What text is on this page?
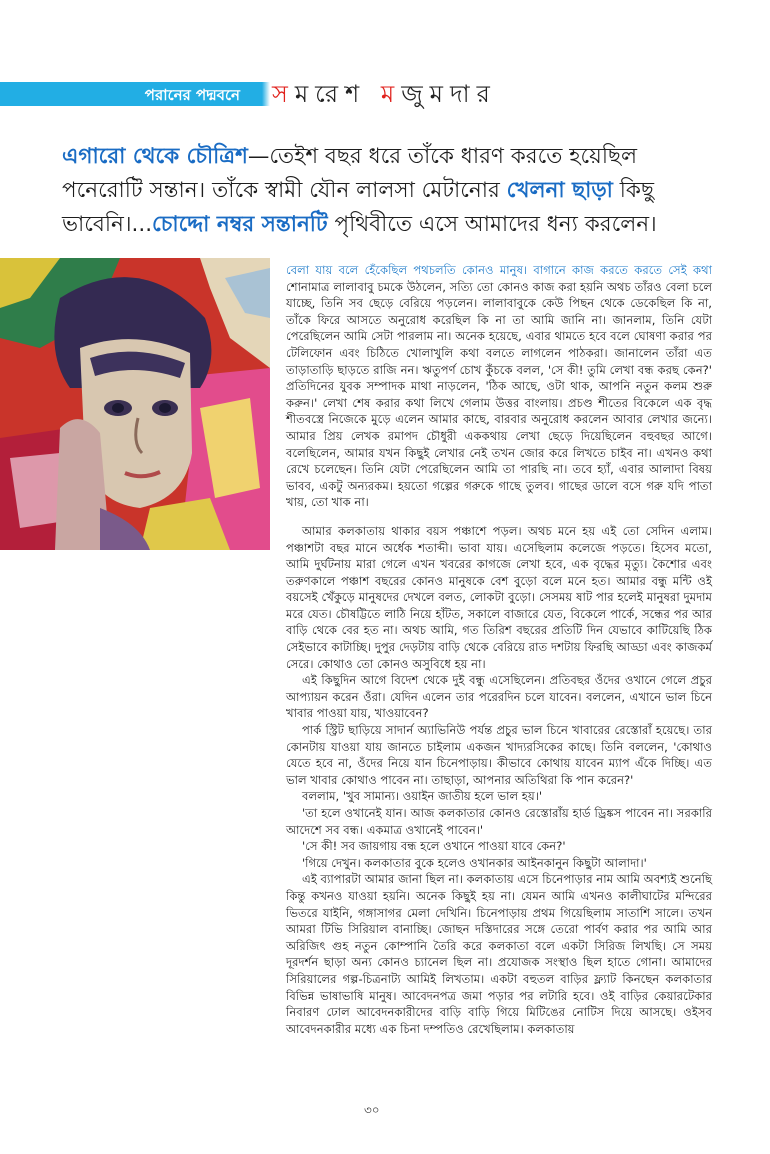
পরানের পদ্মবনে সমরেশ মজুমদার
এগারো থেকে চৌত্রিশ—তেইশ বছর ধরে তাঁকে ধারণ করতে হয়েছিল পনেরোটি সন্তান। তাঁকে স্বামী যৌন লালসা মেটানোর খেলনা ছাড়া কিছু ভাবেনি।...চোদ্দো নম্বর সন্তানটি পৃথিবীতে এসে আমাদের ধন্য করলেন।

বেলা যায় বলে হেঁকেছিল পথচলতি কোনও মানুষ। বাগানে কাজ করতে করতে সেই কথা শোনামাত্র লালাবাবু চমকে উঠলেন, সত্যি তো কোনও কাজ করা হয়নি অথচ তাঁরও বেলা চলে যাচ্ছে, তিনি সব ছেড়ে বেরিয়ে পড়লেন। লালাবাবুকে কেউ পিছন থেকে ডেকেছিল কি না, তাঁকে ফিরে আসতে অনুরোধ করেছিল কি না তা আমি জানি না। জানলাম, তিনি যেটা পেরেছিলেন আমি সেটা পারলাম না। অনেক হয়েছে, এবার থামতে হবে বলে ঘোষণা করার পর টেলিফোন এবং চিঠিতে খোলাখুলি কথা বলতে লাগলেন পাঠকরা। জানালেন তাঁরা এত তাড়াতাড়ি ছাড়তে রাজি নন। ঋতুপর্ণ চোখ কুঁচকে বলল, 'সে কী! তুমি লেখা বন্ধ করছ কেন?' প্রতিদিনের যুবক সম্পাদক মাথা নাড়লেন, 'ঠিক আছে, ওটা থাক, আপনি নতুন কলম শুরু করুন।' লেখা শেষ করার কথা লিখে গেলাম উত্তর বাংলায়। প্রচণ্ড শীতের বিকেলে এক বৃদ্ধ শীতবস্ত্রে নিজেকে মুড়ে এলেন আমার কাছে, বারবার অনুরোধ করলেন আবার লেখার জন্যে। আমার প্রিয় লেখক রমাপদ চৌধুরী এককথায় লেখা ছেড়ে দিয়েছিলেন বহুবছর আগে। বলেছিলেন, আমার যখন কিছুই লেখার নেই তখন জোর করে লিখতে চাইব না। এখনও কথা রেখে চলেছেন। তিনি যেটা পেরেছিলেন আমি তা পারছি না। তবে হ্যাঁ, এবার আলাদা বিষয় ভাবব, একটু অন্যরকম। হয়তো গল্পের গরুকে গাছে তুলব। গাছের ডালে বসে গরু যদি পাতা খায়, তো খাক না।

আমার কলকাতায় থাকার বয়স পঞ্চাশে পড়ল। অথচ মনে হয় এই তো সেদিন এলাম। পঞ্চাশটা বছর মানে অর্ধেক শতাব্দী। ভাবা যায়। এসেছিলাম কলেজে পড়তে। হিসেব মতো, আমি দুর্ঘটনায় মারা গেলে এখন খবরের কাগজে লেখা হবে, এক বৃদ্ধের মৃত্যু। কৈশোর এবং তরুণকালে পঞ্চাশ বছরের কোনও মানুষকে বেশ বুড়ো বলে মনে হত। আমার বন্ধু মন্টি ওই বয়সেই খেঁকুড়ে মানুষদের দেখলে বলত, লোকটা বুড়ো। সেসময় ষাট পার হলেই মানুষরা দুমদাম মরে যেত। চৌষট্টিতে লাঠি নিয়ে হাঁটত, সকালে বাজারে যেত, বিকেলে পার্কে, সন্ধের পর আর বাড়ি থেকে বের হত না। অথচ আমি, গত তিরিশ বছরের প্রতিটি দিন যেভাবে কাটিয়েছি ঠিক সেইভাবে কাটাচ্ছি। দুপুর দেড়টায় বাড়ি থেকে বেরিয়ে রাত দশটায় ফিরছি আড্ডা এবং কাজকর্ম সেরে। কোথাও তো কোনও অসুবিধে হয় না।

এই কিছুদিন আগে বিদেশ থেকে দুই বন্ধু এসেছিলেন। প্রতিবছর ওঁদের ওখানে গেলে প্রচুর আপ্যায়ন করেন ওঁরা। যেদিন এলেন তার পরেরদিন চলে যাবেন। বললেন, এখানে ভাল চিনে খাবার পাওয়া যায়, খাওয়াবেন?

পার্ক স্ট্রিট ছাড়িয়ে সাদার্ন অ্যাভিনিউ পর্যন্ত প্রচুর ভাল চিনে খাবারের রেস্তোরাঁ হয়েছে। তার কোনটায় যাওয়া যায় জানতে চাইলাম একজন খাদ্যরসিকের কাছে। তিনি বললেন, 'কোথাও যেতে হবে না, ওঁদের নিয়ে যান চিনেপাড়ায়। কীভাবে কোথায় যাবেন ম্যাপ এঁকে দিচ্ছি। এত ভাল খাবার কোথাও পাবেন না। তাছাড়া, আপনার অতিথিরা কি পান করেন?'

বললাম, 'খুব সামান্য। ওয়াইন জাতীয় হলে ভাল হয়।'

'তা হলে ওখানেই যান। আজ কলকাতার কোনও রেস্তোরাঁয় হার্ড ড্রিঙ্কস পাবেন না। সরকারি আদেশে সব বন্ধ। একমাত্র ওখানেই পাবেন।'

'সে কী! সব জায়গায় বন্ধ হলে ওখানে পাওয়া যাবে কেন?'

'গিয়ে দেখুন। কলকাতার বুকে হলেও ওখানকার আইনকানুন কিছুটা আলাদা।'

এই ব্যাপারটা আমার জানা ছিল না। কলকাতায় এসে চিনেপাড়ার নাম আমি অবশ্যই শুনেছি কিন্তু কখনও যাওয়া হয়নি। অনেক কিছুই হয় না। যেমন আমি এখনও কালীঘাটের মন্দিরের ভিতরে যাইনি, গঙ্গাসাগর মেলা দেখিনি। চিনেপাড়ায় প্রথম গিয়েছিলাম সাতাশি সালে। তখন আমরা টিভি সিরিয়াল বানাচ্ছি। জোছন দস্তিদারের সঙ্গে তেরো পার্বণ করার পর আমি আর অরিজিৎ গুহ নতুন কোম্পানি তৈরি করে কলকাতা বলে একটা সিরিজ লিখছি। সে সময় দূরদর্শন ছাড়া অন্য কোনও চ্যানেল ছিল না। প্রযোজক সংস্থাও ছিল হাতে গোনা। আমাদের সিরিয়ালের গল্প-চিত্রনাট্য আমিই লিখতাম। একটা বহুতল বাড়ির ফ্ল্যাট কিনছেন কলকাতার বিভিন্ন ভাষাভাষি মানুষ। আবেদনপত্র জমা পড়ার পর লটারি হবে। ওই বাড়ির কেয়ারটেকার নিবারণ ঢোল আবেদনকারীদের বাড়ি বাড়ি গিয়ে মিটিঙের নোটিস দিয়ে আসছে। ওইসব আবেদনকারীর মধ্যে এক চিনা দম্পতিও রেখেছিলাম। কলকাতায়

৩০
